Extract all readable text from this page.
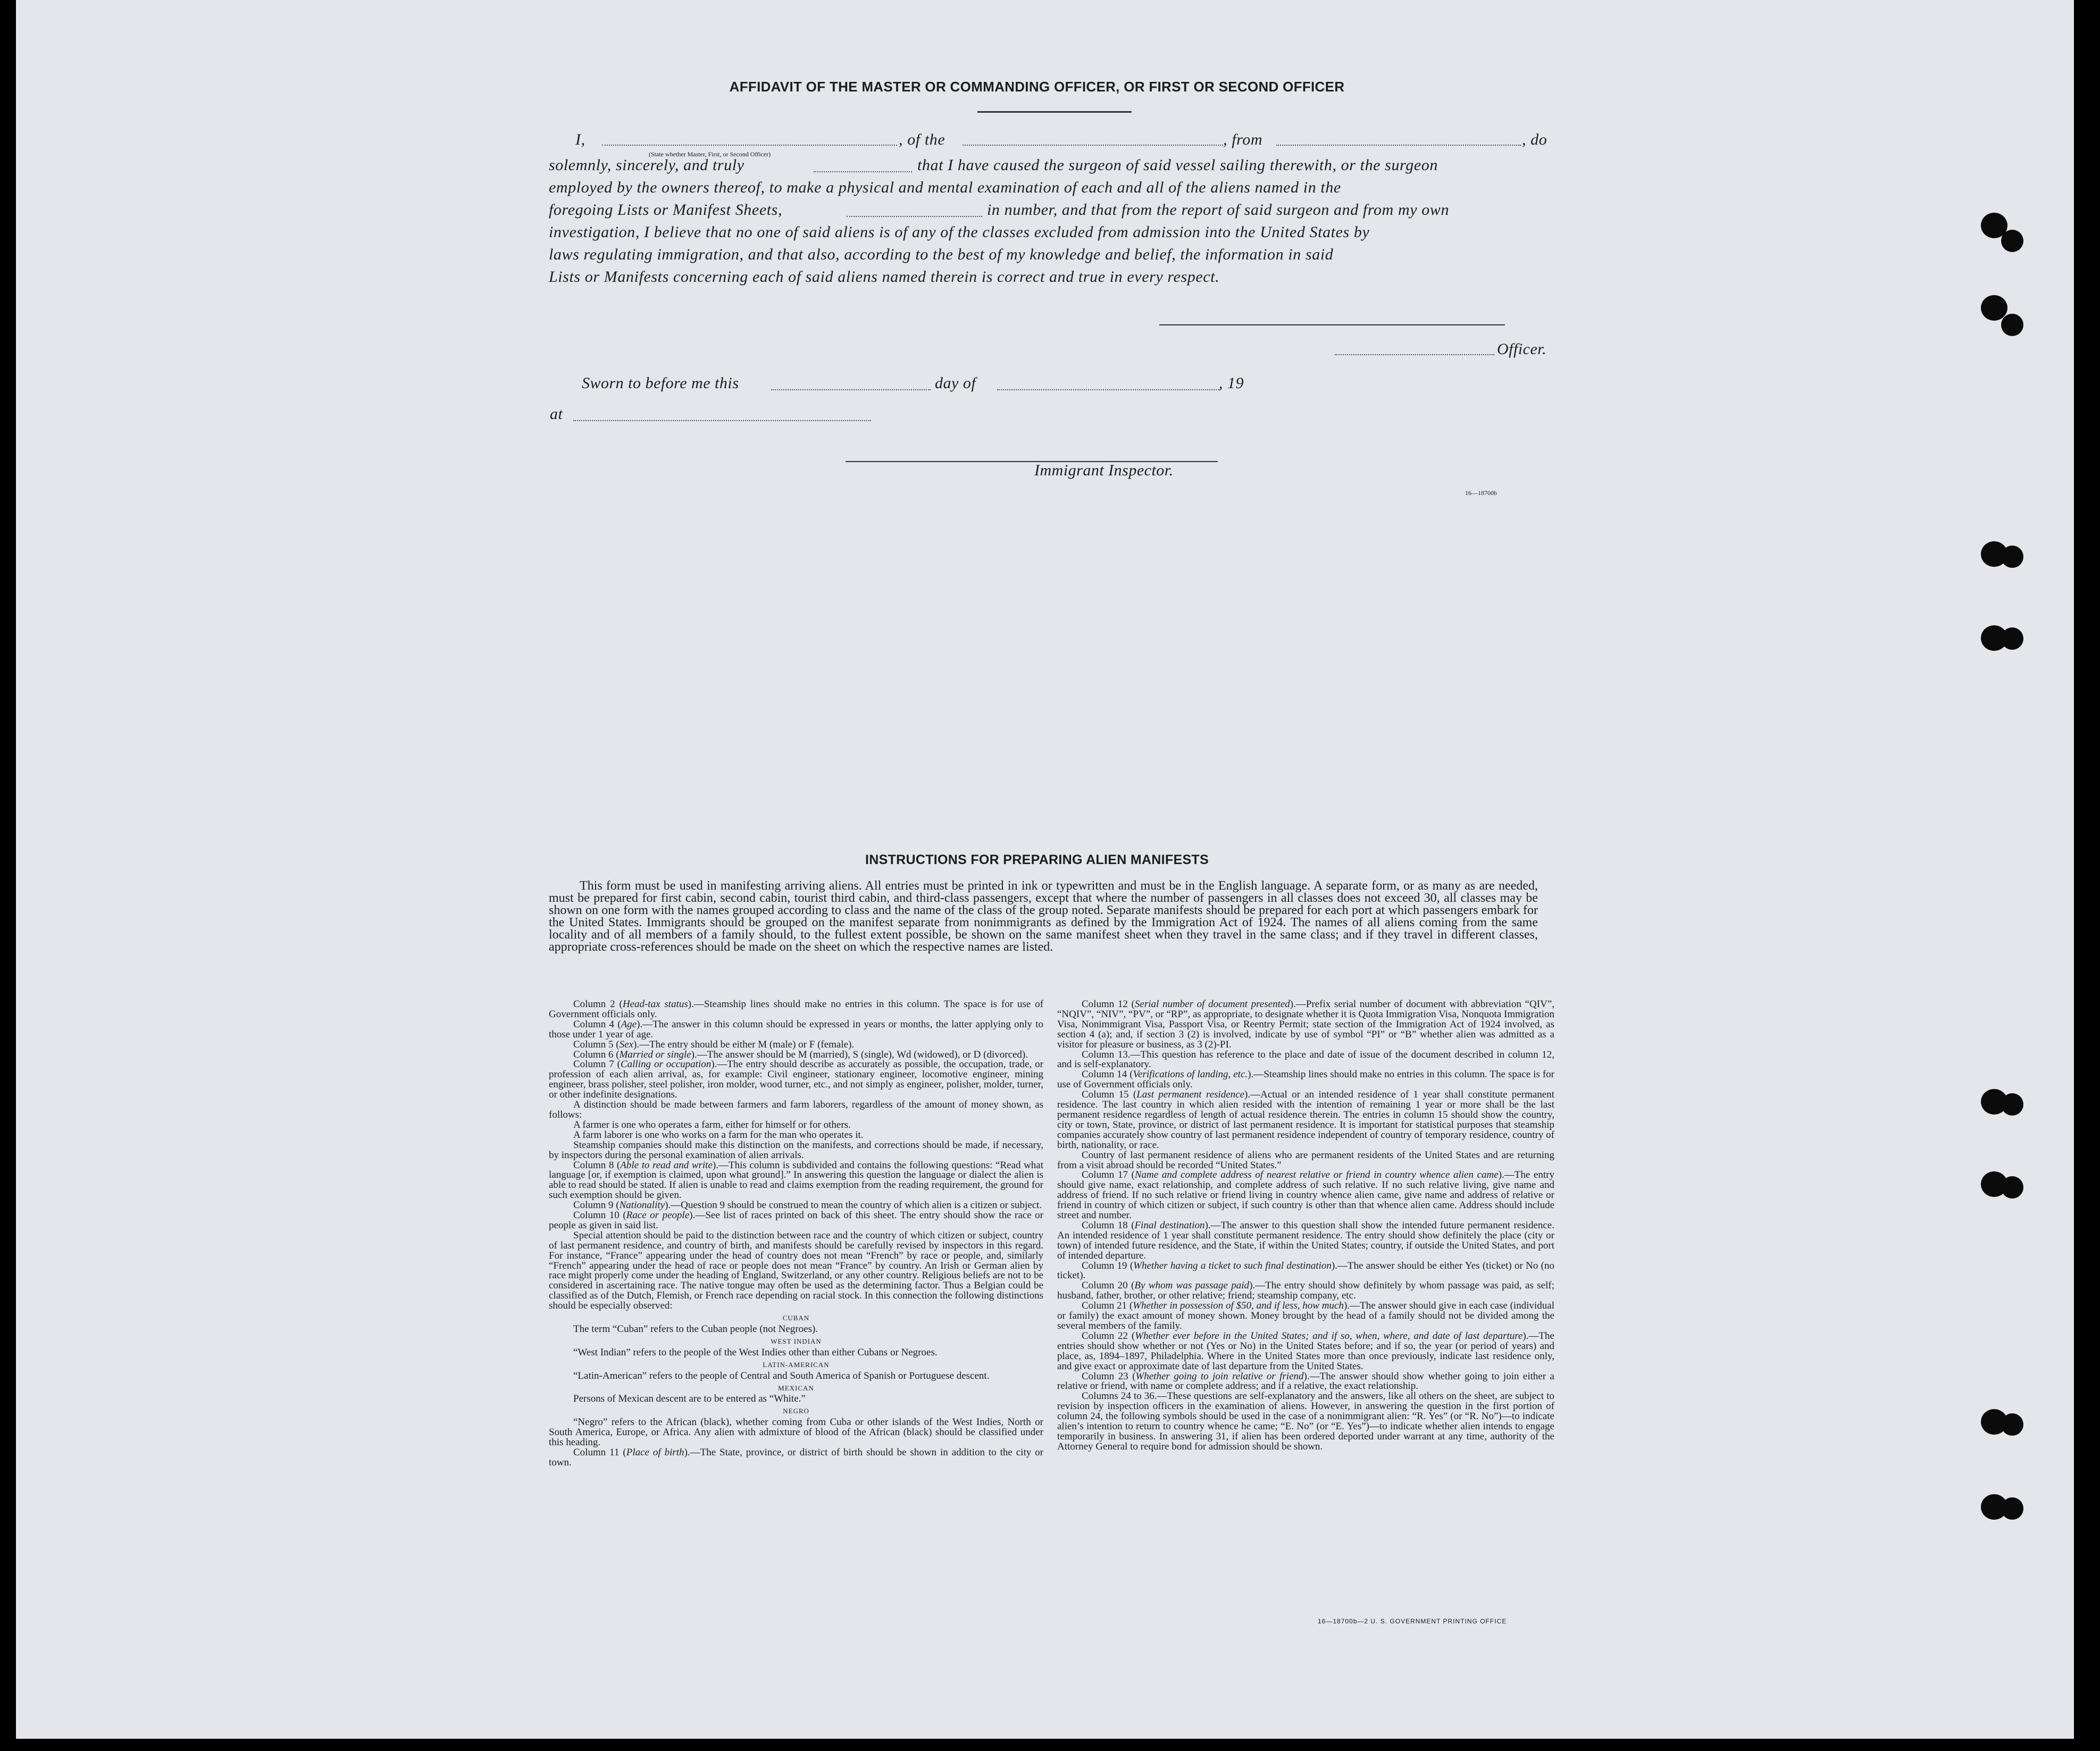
AFFIDAVIT OF THE MASTER OR COMMANDING OFFICER, OR FIRST OR SECOND OFFICER
I,	, of the	, from	, do
(State whether Master, First, or Second Officer)
solemnly, sincerely, and truly	that I have caused the surgeon of said vessel sailing therewith, or the surgeon
employed by the owners thereof, to make a physical and mental examination of each and all of the aliens named in the
foregoing Lists or Manifest Sheets,	in number, and that from the report of said surgeon and from my own
investigation, I believe that no one of said aliens is of any of the classes excluded from admission into the United States by
laws regulating immigration, and that also, according to the best of my knowledge and belief, the information in said
Lists or Manifests concerning each of said aliens named therein is correct and true in every respect.
Officer.
Sworn to before me this	day of	, 19
at
Immigrant Inspector.
16—18700b
INSTRUCTIONS FOR PREPARING ALIEN MANIFESTS

This form must be used in manifesting arriving aliens. All entries must be printed in ink or typewritten and must be in the English language. A separate form, or as many as are needed, must be prepared for first cabin, second cabin, tourist third cabin, and third-class passengers, except that where the number of passengers in all classes does not exceed 30, all classes may be shown on one form with the names grouped according to class and the name of the class of the group noted. Separate manifests should be prepared for each port at which passengers embark for the United States. Immigrants should be grouped on the manifest separate from nonimmigrants as defined by the Immigration Act of 1924. The names of all aliens coming from the same locality and of all members of a family should, to the fullest extent possible, be shown on the same manifest sheet when they travel in the same class; and if they travel in different classes, appropriate cross-references should be made on the sheet on which the respective names are listed.

Column 2 (Head-tax status).—Steamship lines should make no entries in this column. The space is for use of Government officials only.

Column 4 (Age).—The answer in this column should be expressed in years or months, the latter applying only to those under 1 year of age.

Column 5 (Sex).—The entry should be either M (male) or F (female).

Column 6 (Married or single).—The answer should be M (married), S (single), Wd (widowed), or D (divorced).

Column 7 (Calling or occupation).—The entry should describe as accurately as possible, the occupation, trade, or profession of each alien arrival, as, for example: Civil engineer, stationary engineer, locomotive engineer, mining engineer, brass polisher, steel polisher, iron molder, wood turner, etc., and not simply as engineer, polisher, molder, turner, or other indefinite designations.

A distinction should be made between farmers and farm laborers, regardless of the amount of money shown, as follows:

A farmer is one who operates a farm, either for himself or for others.

A farm laborer is one who works on a farm for the man who operates it.

Steamship companies should make this distinction on the manifests, and corrections should be made, if necessary, by inspectors during the personal examination of alien arrivals.

Column 8 (Able to read and write).—This column is subdivided and contains the following questions: “Read what language [or, if exemption is claimed, upon what ground].” In answering this question the language or dialect the alien is able to read should be stated. If alien is unable to read and claims exemption from the reading requirement, the ground for such exemption should be given.

Column 9 (Nationality).—Question 9 should be construed to mean the country of which alien is a citizen or subject.

Column 10 (Race or people).—See list of races printed on back of this sheet. The entry should show the race or people as given in said list.

Special attention should be paid to the distinction between race and the country of which citizen or subject, country of last permanent residence, and country of birth, and manifests should be carefully revised by inspectors in this regard. For instance, “France” appearing under the head of country does not mean “French” by race or people, and, similarly “French” appearing under the head of race or people does not mean “France” by country. An Irish or German alien by race might properly come under the heading of England, Switzerland, or any other country. Religious beliefs are not to be considered in ascertaining race. The native tongue may often be used as the determining factor. Thus a Belgian could be classified as of the Dutch, Flemish, or French race depending on racial stock. In this connection the following distinctions should be especially observed:

CUBAN

The term “Cuban” refers to the Cuban people (not Negroes).

WEST INDIAN

“West Indian” refers to the people of the West Indies other than either Cubans or Negroes.

LATIN-AMERICAN

“Latin-American” refers to the people of Central and South America of Spanish or Portuguese descent.

MEXICAN

Persons of Mexican descent are to be entered as “White.”

NEGRO

“Negro” refers to the African (black), whether coming from Cuba or other islands of the West Indies, North or South America, Europe, or Africa. Any alien with admixture of blood of the African (black) should be classified under this heading.

Column 11 (Place of birth).—The State, province, or district of birth should be shown in addition to the city or town.

Column 12 (Serial number of document presented).—Prefix serial number of document with abbreviation “QIV”, “NQIV”, “NIV”, “PV”, or “RP”, as appropriate, to designate whether it is Quota Immigration Visa, Nonquota Immigration Visa, Nonimmigrant Visa, Passport Visa, or Reentry Permit; state section of the Immigration Act of 1924 involved, as section 4 (a); and, if section 3 (2) is involved, indicate by use of symbol “PI” or “B” whether alien was admitted as a visitor for pleasure or business, as 3 (2)-PI.

Column 13.—This question has reference to the place and date of issue of the document described in column 12, and is self-explanatory.

Column 14 (Verifications of landing, etc.).—Steamship lines should make no entries in this column. The space is for use of Government officials only.

Column 15 (Last permanent residence).—Actual or an intended residence of 1 year shall constitute permanent residence. The last country in which alien resided with the intention of remaining 1 year or more shall be the last permanent residence regardless of length of actual residence therein. The entries in column 15 should show the country, city or town, State, province, or district of last permanent residence. It is important for statistical purposes that steamship companies accurately show country of last permanent residence independent of country of temporary residence, country of birth, nationality, or race.

Country of last permanent residence of aliens who are permanent residents of the United States and are returning from a visit abroad should be recorded “United States.”

Column 17 (Name and complete address of nearest relative or friend in country whence alien came).—The entry should give name, exact relationship, and complete address of such relative. If no such relative living, give name and address of friend. If no such relative or friend living in country whence alien came, give name and address of relative or friend in country of which citizen or subject, if such country is other than that whence alien came. Address should include street and number.

Column 18 (Final destination).—The answer to this question shall show the intended future permanent residence. An intended residence of 1 year shall constitute permanent residence. The entry should show definitely the place (city or town) of intended future residence, and the State, if within the United States; country, if outside the United States, and port of intended departure.

Column 19 (Whether having a ticket to such final destination).—The answer should be either Yes (ticket) or No (no ticket).

Column 20 (By whom was passage paid).—The entry should show definitely by whom passage was paid, as self; husband, father, brother, or other relative; friend; steamship company, etc.

Column 21 (Whether in possession of $50, and if less, how much).—The answer should give in each case (individual or family) the exact amount of money shown. Money brought by the head of a family should not be divided among the several members of the family.

Column 22 (Whether ever before in the United States; and if so, when, where, and date of last departure).—The entries should show whether or not (Yes or No) in the United States before; and if so, the year (or period of years) and place, as, 1894–1897, Philadelphia. Where in the United States more than once previously, indicate last residence only, and give exact or approximate date of last departure from the United States.

Column 23 (Whether going to join relative or friend).—The answer should show whether going to join either a relative or friend, with name or complete address; and if a relative, the exact relationship.

Columns 24 to 36.—These questions are self-explanatory and the answers, like all others on the sheet, are subject to revision by inspection officers in the examination of aliens. However, in answering the question in the first portion of column 24, the following symbols should be used in the case of a nonimmigrant alien: “R. Yes” (or “R. No”)—to indicate alien’s intention to return to country whence he came; “E. No” (or “E. Yes”)—to indicate whether alien intends to engage temporarily in business. In answering 31, if alien has been ordered deported under warrant at any time, authority of the Attorney General to require bond for admission should be shown.

16—18700b—2 U. S. GOVERNMENT PRINTING OFFICE
